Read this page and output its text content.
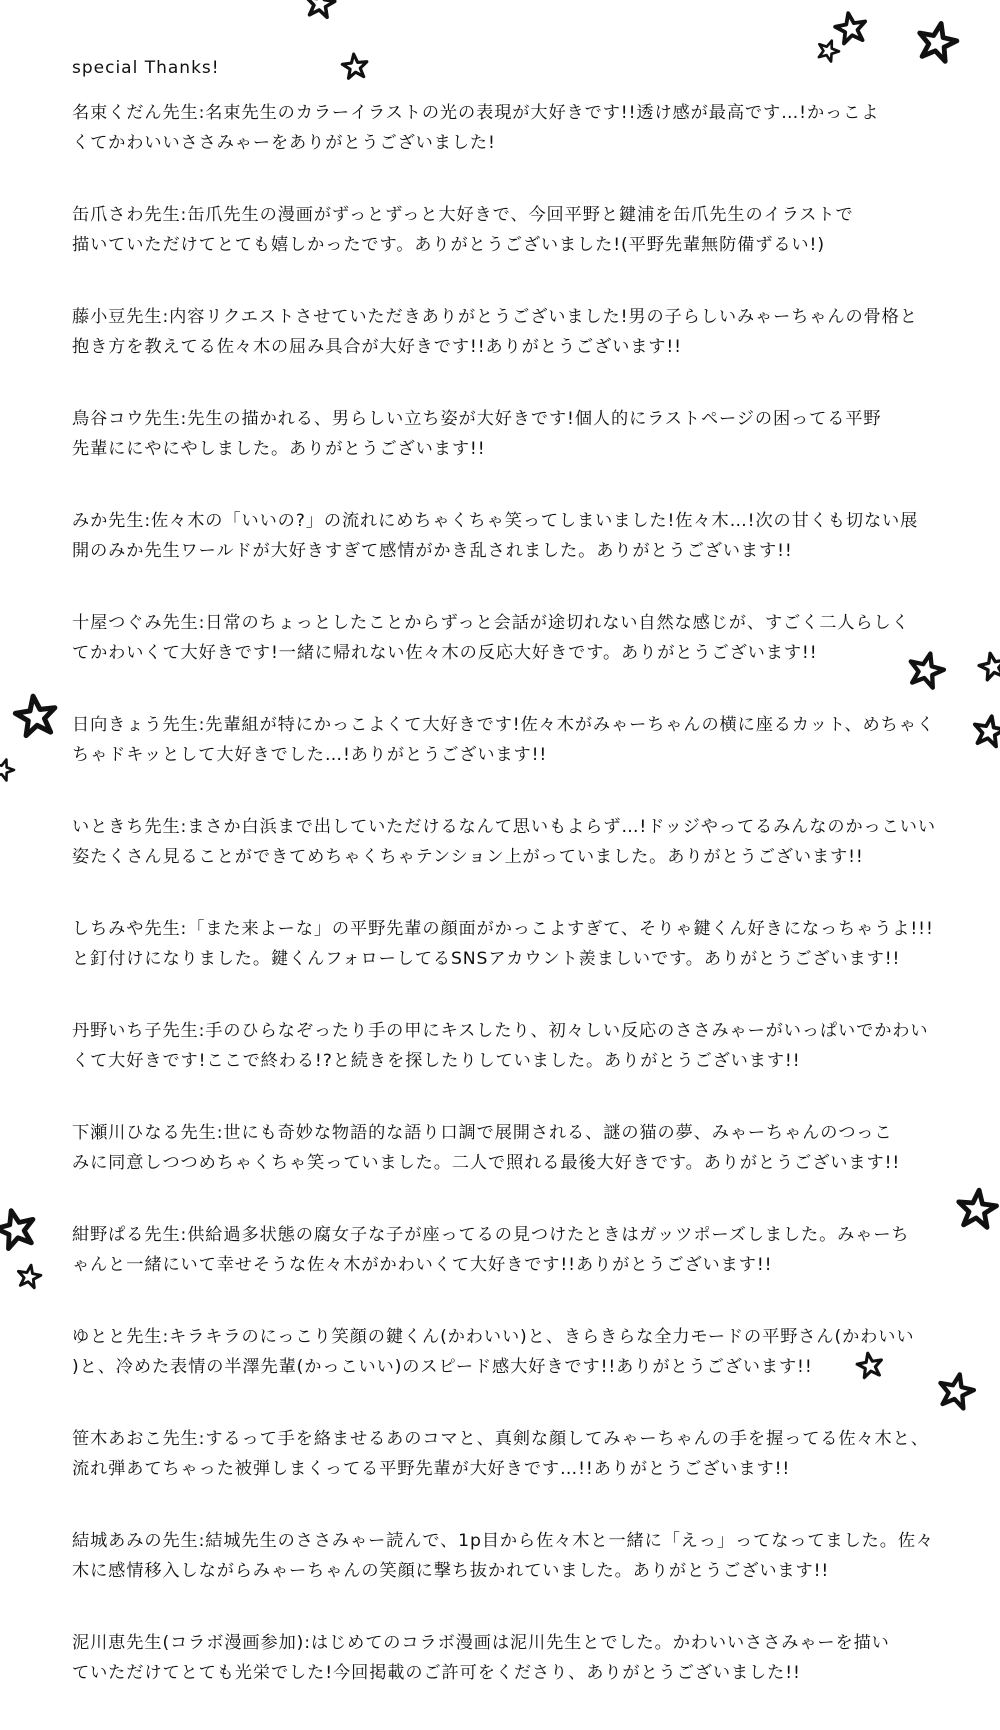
special Thanks!
名束くだん先生:名束先生のカラーイラストの光の表現が大好きです!!透け感が最高です…!かっこよ
くてかわいいささみゃーをありがとうございました!
缶爪さわ先生:缶爪先生の漫画がずっとずっと大好きで、今回平野と鍵浦を缶爪先生のイラストで
描いていただけてとても嬉しかったです。ありがとうございました!(平野先輩無防備ずるい!)
藤小豆先生:内容リクエストさせていただきありがとうございました!男の子らしいみゃーちゃんの骨格と
抱き方を教えてる佐々木の屈み具合が大好きです!!ありがとうございます!!
鳥谷コウ先生:先生の描かれる、男らしい立ち姿が大好きです!個人的にラストページの困ってる平野
先輩ににやにやしました。ありがとうございます!!
みか先生:佐々木の「いいの?」の流れにめちゃくちゃ笑ってしまいました!佐々木…!次の甘くも切ない展
開のみか先生ワールドが大好きすぎて感情がかき乱されました。ありがとうございます!!
十屋つぐみ先生:日常のちょっとしたことからずっと会話が途切れない自然な感じが、すごく二人らしく
てかわいくて大好きです!一緒に帰れない佐々木の反応大好きです。ありがとうございます!!
日向きょう先生:先輩組が特にかっこよくて大好きです!佐々木がみゃーちゃんの横に座るカット、めちゃく
ちゃドキッとして大好きでした…!ありがとうございます!!
いときち先生:まさか白浜まで出していただけるなんて思いもよらず…!ドッジやってるみんなのかっこいい
姿たくさん見ることができてめちゃくちゃテンション上がっていました。ありがとうございます!!
しちみや先生:「また来よーな」の平野先輩の顔面がかっこよすぎて、そりゃ鍵くん好きになっちゃうよ!!!
と釘付けになりました。鍵くんフォローしてるSNSアカウント羨ましいです。ありがとうございます!!
丹野いち子先生:手のひらなぞったり手の甲にキスしたり、初々しい反応のささみゃーがいっぱいでかわい
くて大好きです!ここで終わる!?と続きを探したりしていました。ありがとうございます!!
下瀬川ひなる先生:世にも奇妙な物語的な語り口調で展開される、謎の猫の夢、みゃーちゃんのつっこ
みに同意しつつめちゃくちゃ笑っていました。二人で照れる最後大好きです。ありがとうございます!!
紺野ぱる先生:供給過多状態の腐女子な子が座ってるの見つけたときはガッツポーズしました。みゃーち
ゃんと一緒にいて幸せそうな佐々木がかわいくて大好きです!!ありがとうございます!!
ゆとと先生:キラキラのにっこり笑顔の鍵くん(かわいい)と、きらきらな全力モードの平野さん(かわいい
)と、冷めた表情の半澤先輩(かっこいい)のスピード感大好きです!!ありがとうございます!!
笹木あおこ先生:するって手を絡ませるあのコマと、真剣な顔してみゃーちゃんの手を握ってる佐々木と、
流れ弾あてちゃった被弾しまくってる平野先輩が大好きです…!!ありがとうございます!!
結城あみの先生:結城先生のささみゃー読んで、1p目から佐々木と一緒に「えっ」ってなってました。佐々
木に感情移入しながらみゃーちゃんの笑顔に撃ち抜かれていました。ありがとうございます!!
泥川恵先生(コラボ漫画参加):はじめてのコラボ漫画は泥川先生とでした。かわいいささみゃーを描い
ていただけてとても光栄でした!今回掲載のご許可をくださり、ありがとうございました!!
